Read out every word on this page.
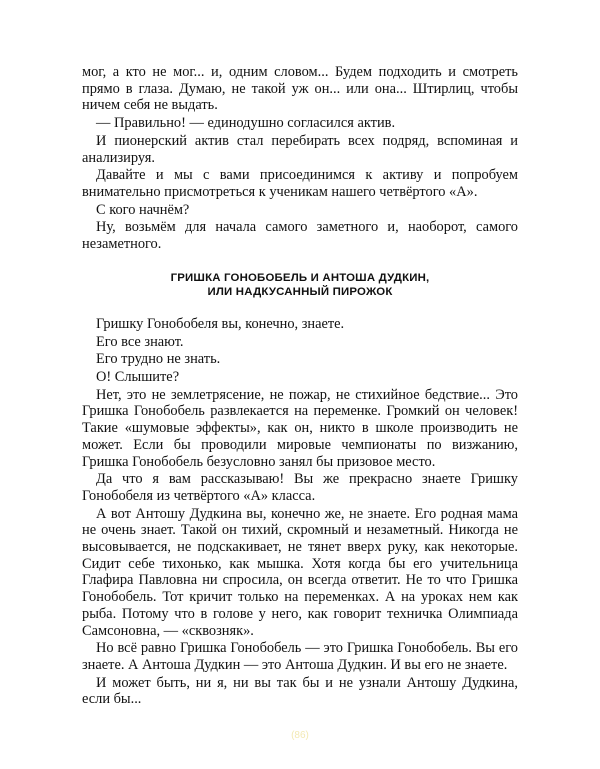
мог, а кто не мог... и, одним словом... Будем подходить и смотреть прямо в глаза. Думаю, не такой уж он... или она... Штирлиц, чтобы ничем себя не выдать.

— Правильно! — единодушно согласился актив.

И пионерский актив стал перебирать всех подряд, вспоминая и анализируя.

Давайте и мы с вами присоединимся к активу и попробуем внимательно присмотреться к ученикам нашего четвёртого «А».

С кого начнём?

Ну, возьмём для начала самого заметного и, наоборот, самого незаметного.

ГРИШКА ГОНОБОБЕЛЬ И АНТОША ДУДКИН,

ИЛИ НАДКУСАННЫЙ ПИРОЖОК

Гришку Гонобобеля вы, конечно, знаете.

Его все знают.

Его трудно не знать.

О! Слышите?

Нет, это не землетрясение, не пожар, не стихийное бедствие... Это Гришка Гонобобель развлекается на переменке. Громкий он человек! Такие «шумовые эффекты», как он, никто в школе производить не может. Если бы проводили мировые чемпионаты по визжанию, Гришка Гонобобель безусловно занял бы призовое место.

Да что я вам рассказываю! Вы же прекрасно знаете Гришку Гонобобеля из четвёртого «А» класса.

А вот Антошу Дудкина вы, конечно же, не знаете. Его родная мама не очень знает. Такой он тихий, скромный и незаметный. Никогда не высовывается, не подскакивает, не тянет вверх руку, как некоторые. Сидит себе тихонько, как мышка. Хотя когда бы его учительница Глафира Павловна ни спросила, он всегда ответит. Не то что Гришка Гонобобель. Тот кричит только на переменках. А на уроках нем как рыба. Потому что в голове у него, как говорит техничка Олимпиада Самсоновна, — «сквозняк».

Но всё равно Гришка Гонобобель — это Гришка Гонобобель. Вы его знаете. А Антоша Дудкин — это Антоша Дудкин. И вы его не знаете.

И может быть, ни я, ни вы так бы и не узнали Антошу Дудкина, если бы...

(86)
